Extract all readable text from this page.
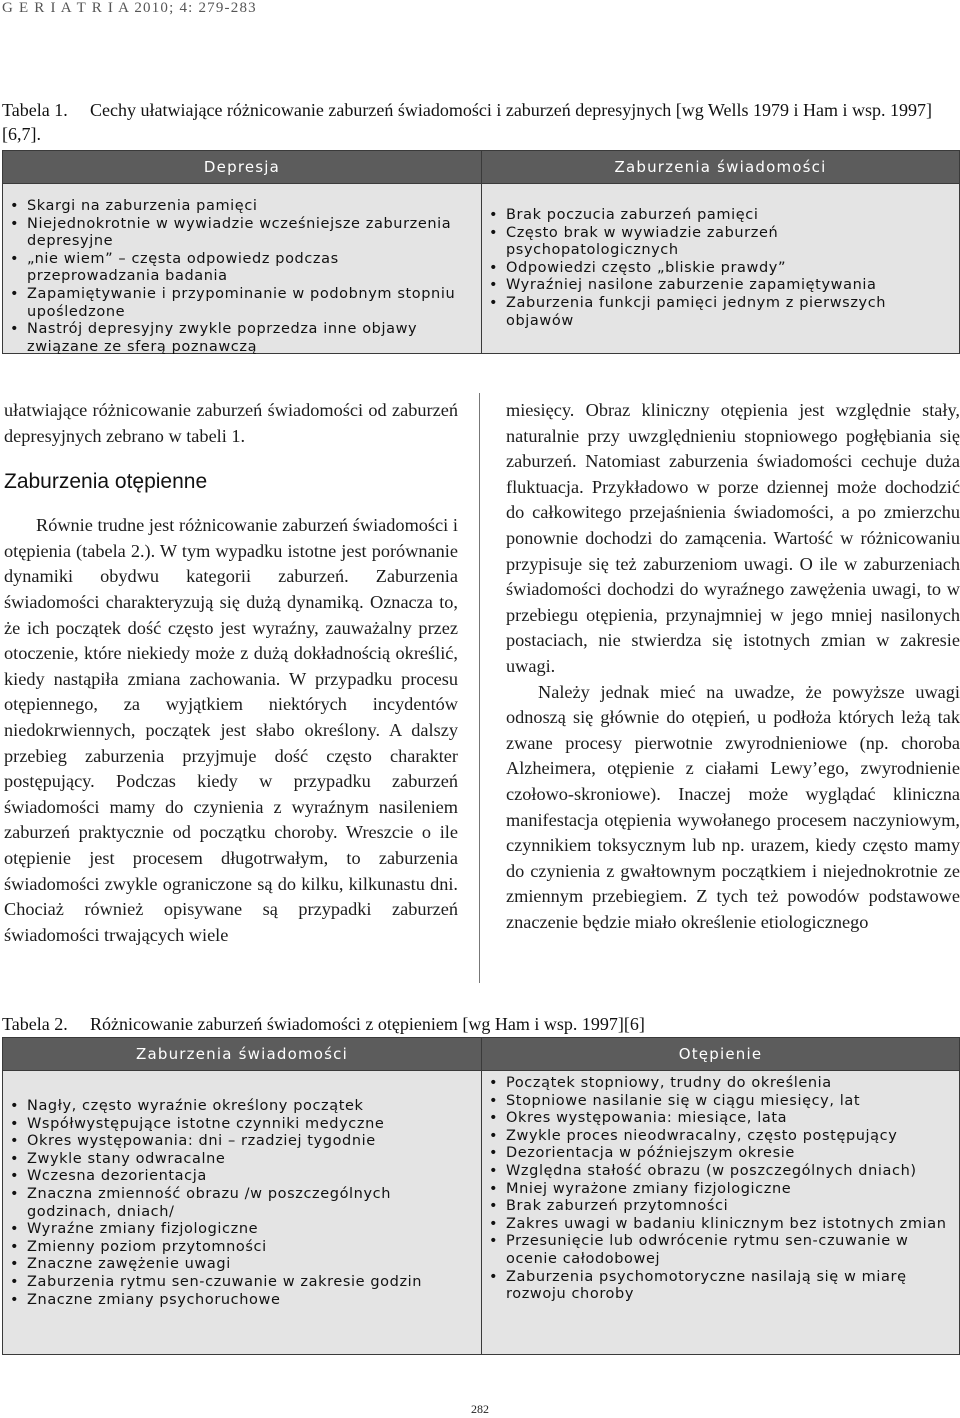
G E R I A T R I A 2010; 4: 279-283
Tabela 1. Cechy ułatwiające różnicowanie zaburzeń świadomości i zaburzeń depresyjnych [wg Wells 1979 i Ham i wsp. 1997] [6,7].
Depresja
• Skargi na zaburzenia pamięci
• Niejednokrotnie w wywiadzie wcześniejsze zaburzenia depresyjne
• „nie wiem” – częsta odpowiedz podczas przeprowadzania badania
• Zapamiętywanie i przypominanie w podobnym stopniu upośledzone
• Nastrój depresyjny zwykle poprzedza inne objawy związane ze sferą poznawczą
Zaburzenia świadomości
• Brak poczucia zaburzeń pamięci
• Często brak w wywiadzie zaburzeń psychopatologicznych
• Odpowiedzi często „bliskie prawdy”
• Wyraźniej nasilone zaburzenie zapamiętywania
• Zaburzenia funkcji pamięci jednym z pierwszych objawów

ułatwiające różnicowanie zaburzeń świadomości od zaburzeń depresyjnych zebrano w tabeli 1.

Zaburzenia otępienne

Równie trudne jest różnicowanie zaburzeń świadomości i otępienia (tabela 2.). W tym wypadku istotne jest porównanie dynamiki obydwu kategorii zaburzeń. Zaburzenia świadomości charakteryzują się dużą dynamiką. Oznacza to, że ich początek dość często jest wyraźny, zauważalny przez otoczenie, które niekiedy może z dużą dokładnością określić, kiedy nastąpiła zmiana zachowania. W przypadku procesu otępiennego, za wyjątkiem niektórych incydentów niedokrwiennych, początek jest słabo określony. A dalszy przebieg zaburzenia przyjmuje dość często charakter postępujący. Podczas kiedy w przypadku zaburzeń świadomości mamy do czynienia z wyraźnym nasileniem zaburzeń praktycznie od początku choroby. Wreszcie o ile otępienie jest procesem długotrwałym, to zaburzenia świadomości zwykle ograniczone są do kilku, kilkunastu dni. Chociaż również opisywane są przypadki zaburzeń świadomości trwających wiele

miesięcy. Obraz kliniczny otępienia jest względnie stały, naturalnie przy uwzględnieniu stopniowego pogłębiania się zaburzeń. Natomiast zaburzenia świadomości cechuje duża fluktuacja. Przykładowo w porze dziennej może dochodzić do całkowitego przejaśnienia świadomości, a po zmierzchu ponownie dochodzi do zamącenia. Wartość w różnicowaniu przypisuje się też zaburzeniom uwagi. O ile w zaburzeniach świadomości dochodzi do wyraźnego zawężenia uwagi, to w przebiegu otępienia, przynajmniej w jego mniej nasilonych postaciach, nie stwierdza się istotnych zmian w zakresie uwagi.

Należy jednak mieć na uwadze, że powyższe uwagi odnoszą się głównie do otępień, u podłoża których leżą tak zwane procesy pierwotnie zwyrodnieniowe (np. choroba Alzheimera, otępienie z ciałami Lewy’ego, zwyrodnienie czołowo-skroniowe). Inaczej może wyglądać kliniczna manifestacja otępienia wywołanego procesem naczyniowym, czynnikiem toksycznym lub np. urazem, kiedy często mamy do czynienia z gwałtownym początkiem i niejednokrotnie ze zmiennym przebiegiem. Z tych też powodów podstawowe znaczenie będzie miało określenie etiologicznego

Tabela 2. Różnicowanie zaburzeń świadomości z otępieniem [wg Ham i wsp. 1997][6]
Zaburzenia świadomości
• Nagły, często wyraźnie określony początek
• Współwystępujące istotne czynniki medyczne
• Okres występowania: dni – rzadziej tygodnie
• Zwykle stany odwracalne
• Wczesna dezorientacja
• Znaczna zmienność obrazu /w poszczególnych godzinach, dniach/
• Wyraźne zmiany fizjologiczne
• Zmienny poziom przytomności
• Znaczne zawężenie uwagi
• Zaburzenia rytmu sen-czuwanie w zakresie godzin
• Znaczne zmiany psychoruchowe
Otępienie
• Początek stopniowy, trudny do określenia
• Stopniowe nasilanie się w ciągu miesięcy, lat
• Okres występowania: miesiące, lata
• Zwykle proces nieodwracalny, często postępujący
• Dezorientacja w późniejszym okresie
• Względna stałość obrazu (w poszczególnych dniach)
• Mniej wyrażone zmiany fizjologiczne
• Brak zaburzeń przytomności
• Zakres uwagi w badaniu klinicznym bez istotnych zmian
• Przesunięcie lub odwrócenie rytmu sen-czuwanie w ocenie całodobowej
• Zaburzenia psychomotoryczne nasilają się w miarę rozwoju choroby
282
